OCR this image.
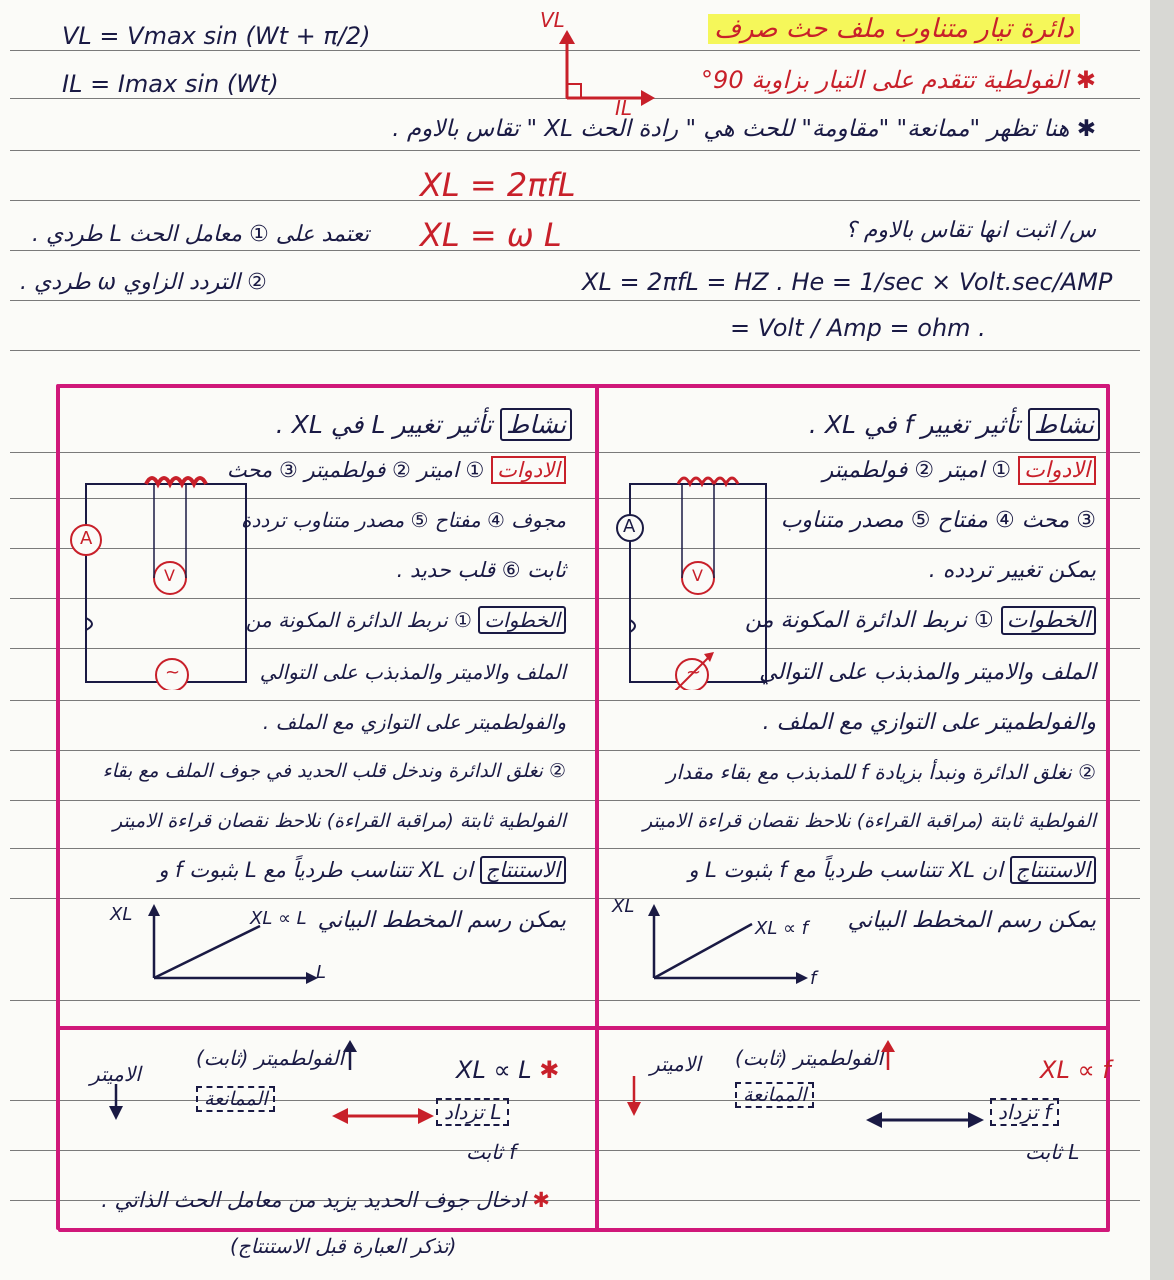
دائرة تيار متناوب ملف حث صرف
VL = Vmax sin (Wt + π/2)
IL = Imax sin (Wt)
VL
IL
✱ الفولطية تتقدم على التيار بزاوية 90°
✱ هنا تظهر "ممانعة" "مقاومة" للحث هي " رادة الحث XL " تقاس بالاوم .
XL = 2πfL
XL = ω L
تعتمد على ① معامل الحث L طردي .
② التردد الزاوي ω طردي .
س/ اثبت انها تقاس بالاوم ؟
XL = 2πfL = HZ . He = 1/sec × Volt.sec/AMP
= Volt / Amp = ohm .
نشاط تأثير تغيير f في XL .
الادوات ① اميتر ② فولطميتر
③ محث ④ مفتاح ⑤ مصدر متناوب
يمكن تغيير تردده .
الخطوات ① نربط الدائرة المكونة من
الملف والاميتر والمذبذب على التوالي
والفولطميتر على التوازي مع الملف .
② نغلق الدائرة ونبدأ بزيادة f للمذبذب مع بقاء مقدار
الفولطية ثابتة (مراقبة القراءة) نلاحظ نقصان قراءة الاميتر
الاستنتاج ان XL تتناسب طردياً مع f بثبوت L و
يمكن رسم المخطط البياني
A
V
~
XL
f
XL ∝ f
نشاط تأثير تغيير L في XL .
الادوات ① اميتر ② فولطميتر ③ محث
مجوف ④ مفتاح ⑤ مصدر متناوب ترددة
ثابت ⑥ قلب حديد .
الخطوات ① نربط الدائرة المكونة من
الملف والاميتر والمذبذب على التوالي
والفولطميتر على التوازي مع الملف .
② نغلق الدائرة وندخل قلب الحديد في جوف الملف مع بقاء
الفولطية ثابتة (مراقبة القراءة) نلاحظ نقصان قراءة الاميتر
الاستنتاج ان XL تتناسب طردياً مع L بثبوت f و
يمكن رسم المخطط البياني
A
V
~
XL
L
XL ∝ L
XL ∝ f
f تزداد
L ثابت
الفولطميتر (ثابت)
الممانعة
الاميتر
XL ∝ L ✱
L تزداد
f ثابت
الفولطميتر (ثابت)
الممانعة
الاميتر
✱ ادخال جوف الحديد يزيد من معامل الحث الذاتي .
(تذكر العبارة قبل الاستنتاج)
